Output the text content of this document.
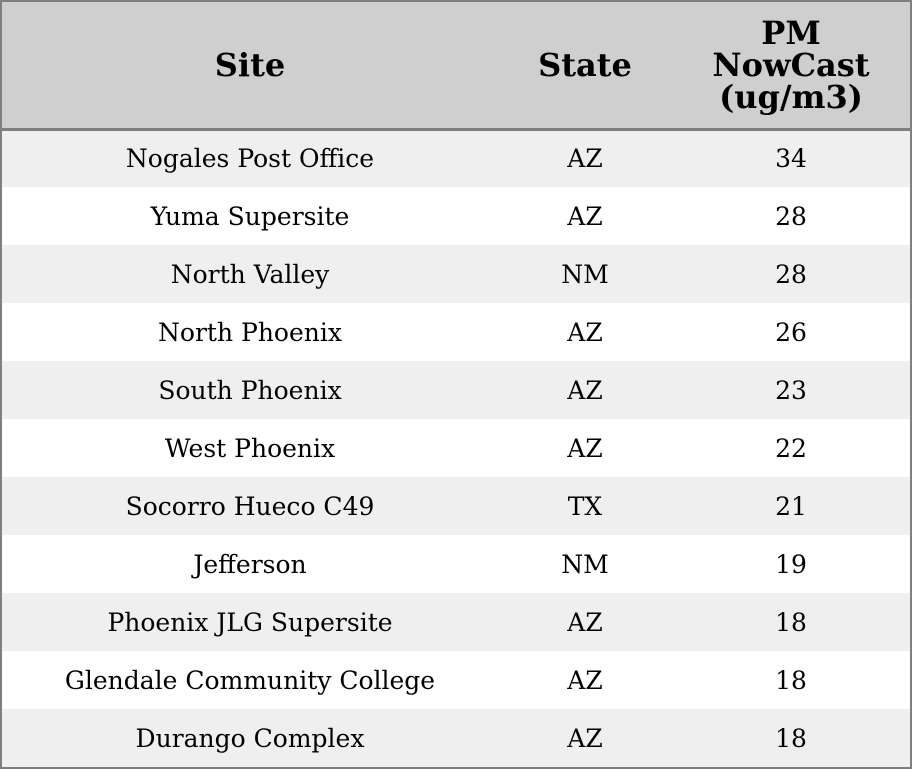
Site	State	PM
NowCast
(ug/m3)

Nogales Post Office	AZ	34
Yuma Supersite	AZ	28
North Valley	NM	28
North Phoenix	AZ	26
South Phoenix	AZ	23
West Phoenix	AZ	22
Socorro Hueco C49	TX	21
Jefferson	NM	19
Phoenix JLG Supersite	AZ	18
Glendale Community College	AZ	18
Durango Complex	AZ	18
